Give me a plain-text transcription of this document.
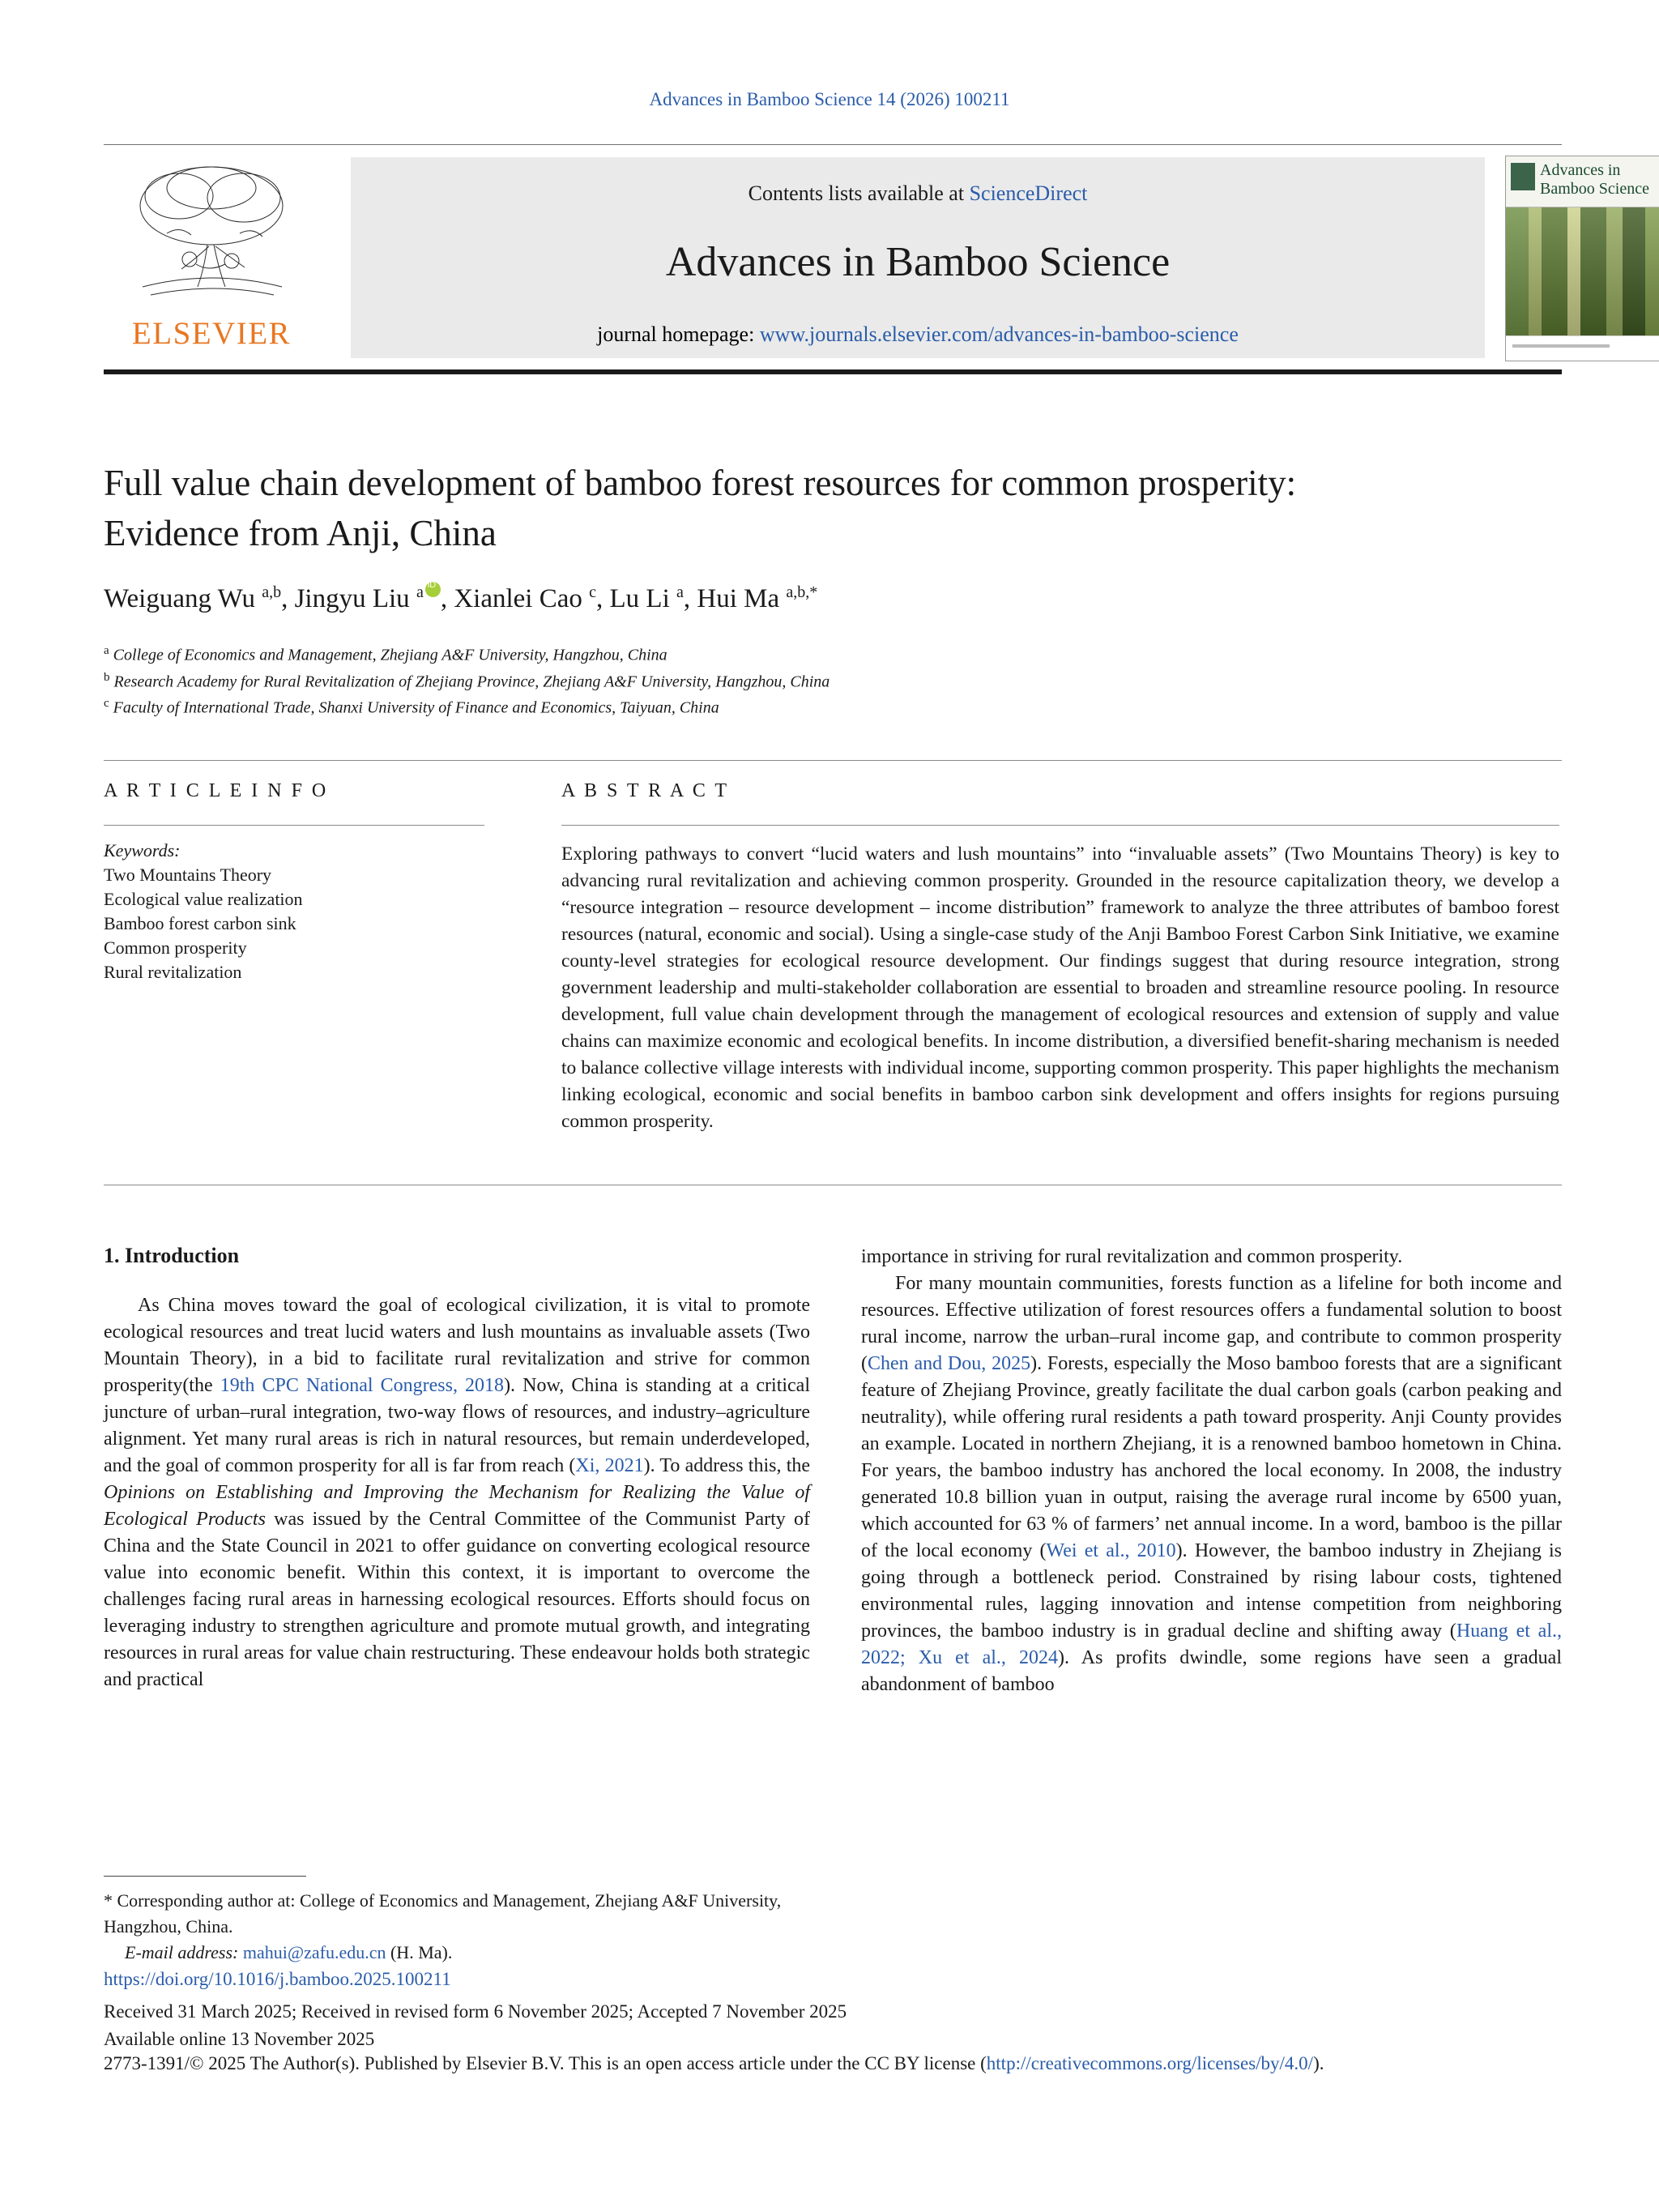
Advances in Bamboo Science 14 (2026) 100211
ELSEVIER
Contents lists available at ScienceDirect
Advances in Bamboo Science
journal homepage: www.journals.elsevier.com/advances-in-bamboo-science
Advances in Bamboo Science
Full value chain development of bamboo forest resources for common prosperity: Evidence from Anji, China
Weiguang Wu $^{a,b}$, Jingyu Liu $^a$ iD , Xianlei Cao $^c$, Lu Li $^a$, Hui Ma $^{a,b,*}$
$^a$ College of Economics and Management, Zhejiang A&F University, Hangzhou, China
$^b$ Research Academy for Rural Revitalization of Zhejiang Province, Zhejiang A&F University, Hangzhou, China
$^c$ Faculty of International Trade, Shanxi University of Finance and Economics, Taiyuan, China
A R T I C L E I N F O
Keywords:
Two Mountains Theory
Ecological value realization
Bamboo forest carbon sink
Common prosperity
Rural revitalization
A B S T R A C T
Exploring pathways to convert “lucid waters and lush mountains” into “invaluable assets” (Two Mountains Theory) is key to advancing rural revitalization and achieving common prosperity. Grounded in the resource capitalization theory, we develop a “resource integration – resource development – income distribution” framework to analyze the three attributes of bamboo forest resources (natural, economic and social). Using a single-case study of the Anji Bamboo Forest Carbon Sink Initiative, we examine county-level strategies for ecological resource development. Our findings suggest that during resource integration, strong government leadership and multi-stakeholder collaboration are essential to broaden and streamline resource pooling. In resource development, full value chain development through the management of ecological resources and extension of supply and value chains can maximize economic and ecological benefits. In income distribution, a diversified benefit-sharing mechanism is needed to balance collective village interests with individual income, supporting common prosperity. This paper highlights the mechanism linking ecological, economic and social benefits in bamboo carbon sink development and offers insights for regions pursuing common prosperity.
1. Introduction

As China moves toward the goal of ecological civilization, it is vital to promote ecological resources and treat lucid waters and lush mountains as invaluable assets (Two Mountain Theory), in a bid to facilitate rural revitalization and strive for common prosperity(the 19th CPC National Congress, 2018). Now, China is standing at a critical juncture of urban–rural integration, two-way flows of resources, and industry–agriculture alignment. Yet many rural areas is rich in natural resources, but remain underdeveloped, and the goal of common prosperity for all is far from reach (Xi, 2021). To address this, the Opinions on Establishing and Improving the Mechanism for Realizing the Value of Ecological Products was issued by the Central Committee of the Communist Party of China and the State Council in 2021 to offer guidance on converting ecological resource value into economic benefit. Within this context, it is important to overcome the challenges facing rural areas in harnessing ecological resources. Efforts should focus on leveraging industry to strengthen agriculture and promote mutual growth, and integrating resources in rural areas for value chain restructuring. These endeavour holds both strategic and practical

importance in striving for rural revitalization and common prosperity.

For many mountain communities, forests function as a lifeline for both income and resources. Effective utilization of forest resources offers a fundamental solution to boost rural income, narrow the urban–rural income gap, and contribute to common prosperity (Chen and Dou, 2025). Forests, especially the Moso bamboo forests that are a significant feature of Zhejiang Province, greatly facilitate the dual carbon goals (carbon peaking and neutrality), while offering rural residents a path toward prosperity. Anji County provides an example. Located in northern Zhejiang, it is a renowned bamboo hometown in China. For years, the bamboo industry has anchored the local economy. In 2008, the industry generated 10.8 billion yuan in output, raising the average rural income by 6500 yuan, which accounted for 63 % of farmers’ net annual income. In a word, bamboo is the pillar of the local economy (Wei et al., 2010). However, the bamboo industry in Zhejiang is going through a bottleneck period. Constrained by rising labour costs, tightened environmental rules, lagging innovation and intense competition from neighboring provinces, the bamboo industry is in gradual decline and shifting away (Huang et al., 2022; Xu et al., 2024). As profits dwindle, some regions have seen a gradual abandonment of bamboo

* Corresponding author at: College of Economics and Management, Zhejiang A&F University, Hangzhou, China.
E-mail address: mahui@zafu.edu.cn (H. Ma).
https://doi.org/10.1016/j.bamboo.2025.100211
Received 31 March 2025; Received in revised form 6 November 2025; Accepted 7 November 2025
Available online 13 November 2025
2773-1391/© 2025 The Author(s). Published by Elsevier B.V. This is an open access article under the CC BY license (http://creativecommons.org/licenses/by/4.0/).
